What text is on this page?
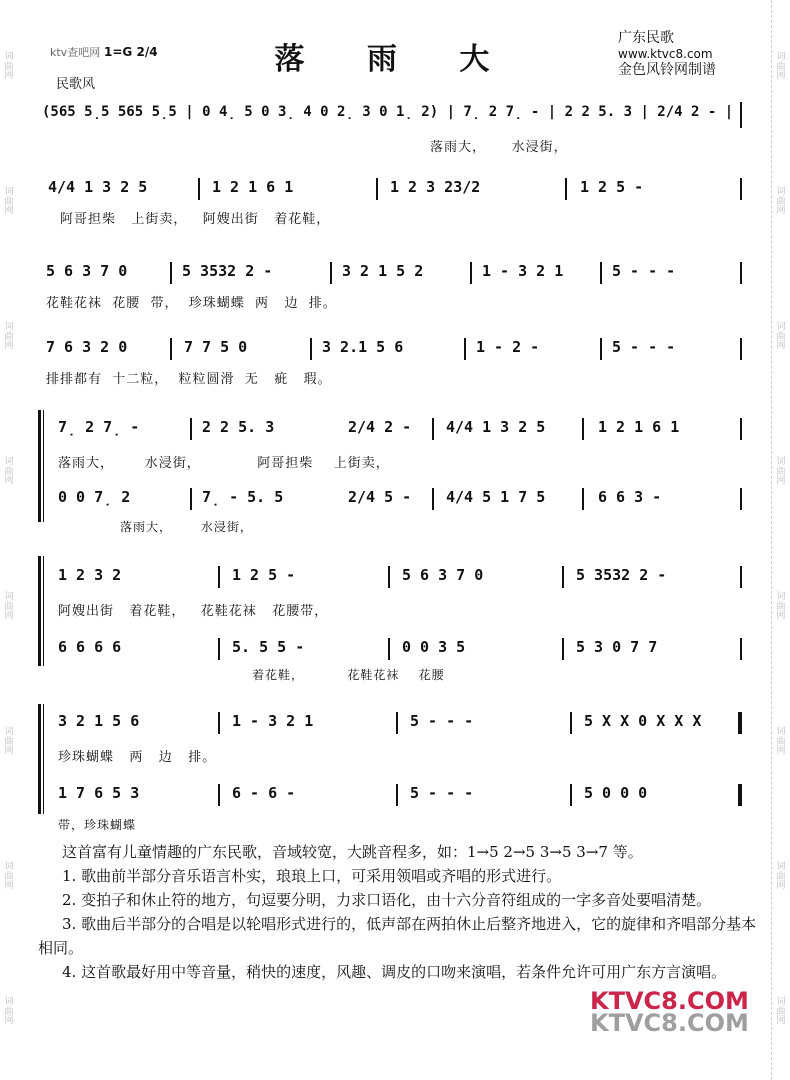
词
曲
网
词
曲
网
词
曲
网
词
曲
网
词
曲
网
词
曲
网
词
曲
网
词
曲
网
词
曲
网
词
曲
网
词
曲
网
词
曲
网
词
曲
网
词
曲
网
词
曲
网
词
曲
网
落 雨 大
广东民歌
www.ktvc8.com
金色风铃网制谱
ktv查吧网 1=G 2/4
民歌风
(565 5̣5 565 5̣5 | 0 4̣ 5 0 3̣ 4 0 2̣ 3 0 1̣ 2) | 7̣ 2 7̣ - | 2 2 5. 3 | 2/4 2 - |
落雨大，     水浸街，
4/4 1 3 2 5	1 2 1 6 1	1 2 3 23/2	1 2 5 -
阿哥担柴   上街卖，   阿嫂出街   着花鞋，
5 6 3 7 0	5 3532 2 -	3 2 1 5 2	1 - 3 2 1	5 - - -
花鞋花袜  花腰  带，  珍珠蝴蝶  两   边  排。
7 6 3 2 0	7 7 5 0	3 2.1 5 6	1 - 2 -	5 - - -
排排都有  十二粒，  粒粒圆滑  无   疵   瑕。
7̣ 2 7̣ -	2 2 5. 3	2/4 2 - 4/4 1 3 2 5	1 2 1 6 1
落雨大，      水浸街，           阿哥担柴    上街卖，
0 0 7̣ 2	7̣ - 5. 5	2/4 5 - 4/4 5 1 7 5	6 6 3 -
落雨大，      水浸街，
1 2 3 2	1 2 5 -	5 6 3 7 0	5 3532 2 -
阿嫂出街   着花鞋，   花鞋花袜   花腰带，
6 6 6 6	5. 5 5 -	0 0 3 5	5 3 0 7 7
着花鞋，         花鞋花袜    花腰
3 2 1 5 6	1 - 3 2 1	5 - - -	5 X X 0 X X X
珍珠蝴蝶   两   边   排。
1 7 6 5 3	6 - 6 -	5 - - -	5 0 0 0
带，珍珠蝴蝶
这首富有儿童情趣的广东民歌，音域较宽，大跳音程多，如：1→5 2→5 3→5 3→7 等。
1. 歌曲前半部分音乐语言朴实，琅琅上口，可采用领唱或齐唱的形式进行。
2. 变拍子和休止符的地方，句逗要分明，力求口语化，由十六分音符组成的一字多音处要唱清楚。
3. 歌曲后半部分的合唱是以轮唱形式进行的，低声部在两拍休止后整齐地进入，它的旋律和齐唱部分基本相同。
4. 这首歌最好用中等音量，稍快的速度，风趣、调皮的口吻来演唱，若条件允许可用广东方言演唱。
KTVC8.COM
KTVC8.COM
